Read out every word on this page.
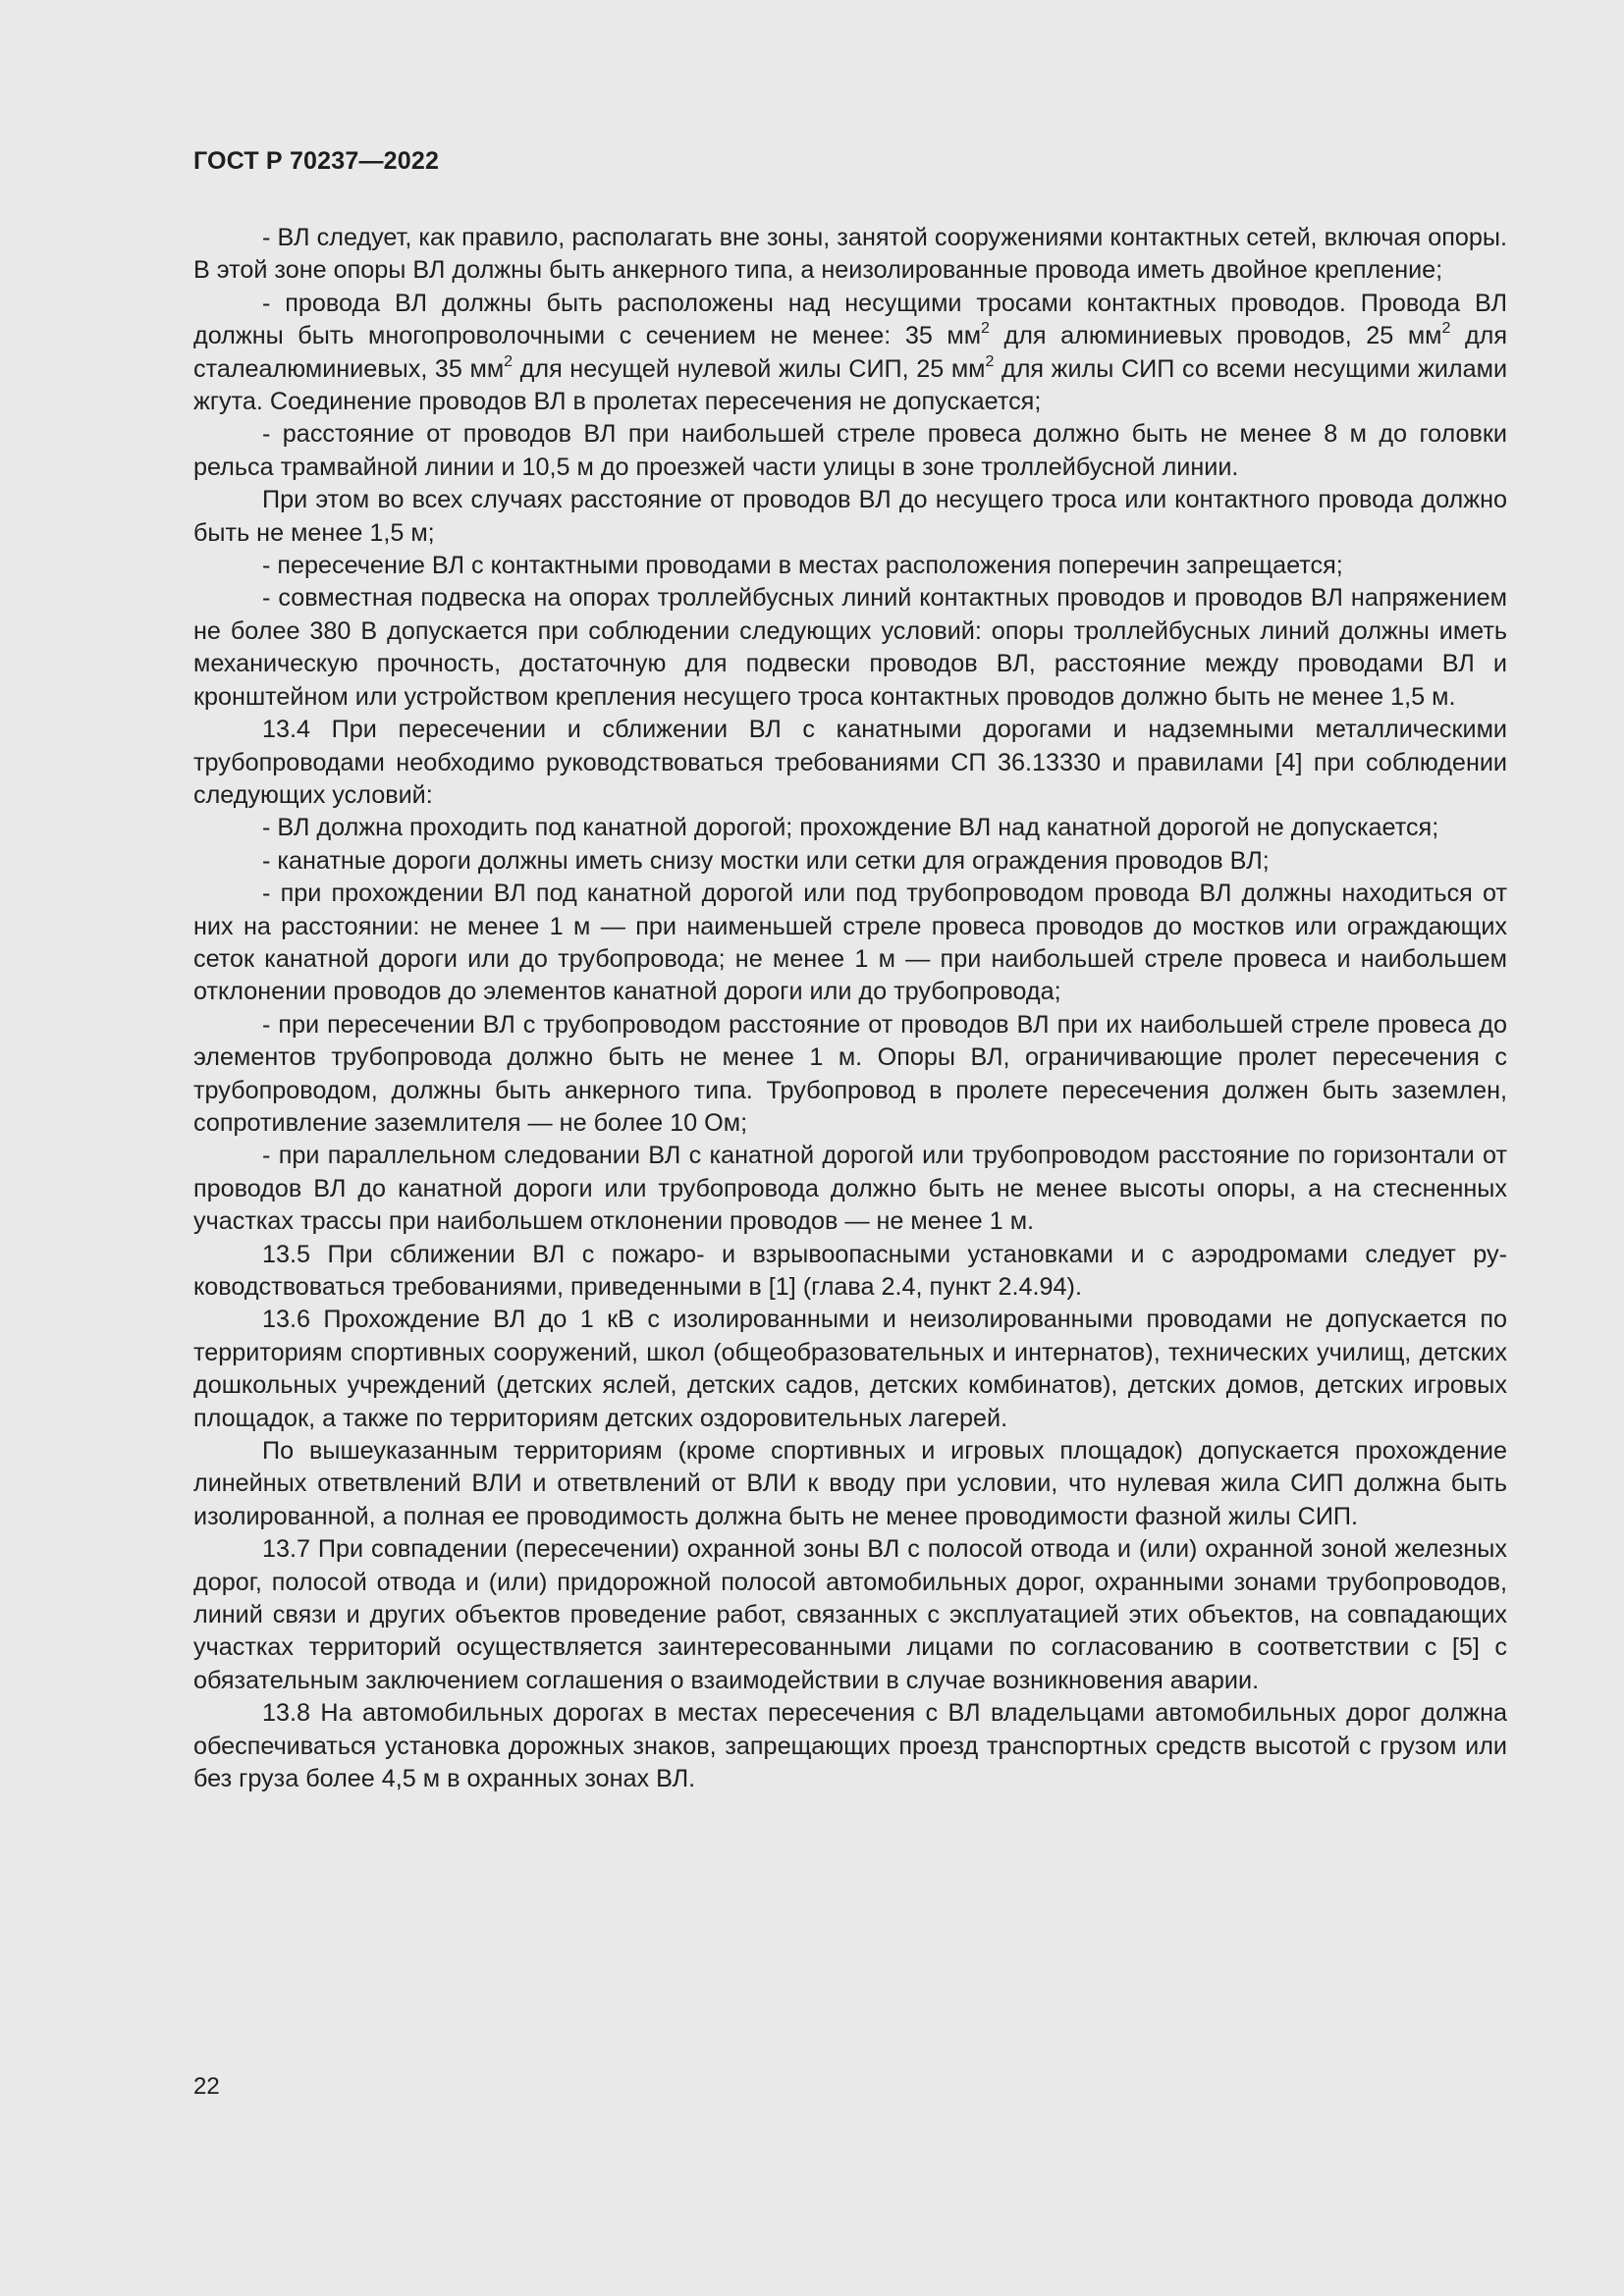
ГОСТ Р 70237—2022

- ВЛ следует, как правило, располагать вне зоны, занятой сооружениями контактных сетей, включая опоры. В этой зоне опоры ВЛ должны быть анкерного типа, а неизолированные провода иметь двойное крепление;

- провода ВЛ должны быть расположены над несущими тросами контактных проводов. Провода ВЛ должны быть многопроволочными с сечением не менее: 35 $мм^2$ для алюминиевых проводов, 25 $мм^2$ для сталеалюминиевых, 35 $мм^2$ для несущей нулевой жилы СИП, 25 $мм^2$ для жилы СИП со всеми несущими жилами жгута. Соединение проводов ВЛ в пролетах пересечения не допускается;

- расстояние от проводов ВЛ при наибольшей стреле провеса должно быть не менее 8 м до головки рельса трамвайной линии и 10,5 м до проезжей части улицы в зоне троллейбусной линии.

При этом во всех случаях расстояние от проводов ВЛ до несущего троса или контактного провода должно быть не менее 1,5 м;

- пересечение ВЛ с контактными проводами в местах расположения поперечин запрещается;

- совместная подвеска на опорах троллейбусных линий контактных проводов и проводов ВЛ напряжением не более 380 В допускается при соблюдении следующих условий: опоры троллейбусных линий должны иметь механическую прочность, достаточную для подвески проводов ВЛ, расстояние между проводами ВЛ и кронштейном или устройством крепления несущего троса контактных проводов должно быть не менее 1,5 м.

13.4 При пересечении и сближении ВЛ с канатными дорогами и надземными металлическими трубопроводами необходимо руководствоваться требованиями СП 36.13330 и правилами [4] при соблюдении следующих условий:

- ВЛ должна проходить под канатной дорогой; прохождение ВЛ над канатной дорогой не допускается;

- канатные дороги должны иметь снизу мостки или сетки для ограждения проводов ВЛ;

- при прохождении ВЛ под канатной дорогой или под трубопроводом провода ВЛ должны находиться от них на расстоянии: не менее 1 м — при наименьшей стреле провеса проводов до мостков или ограждающих сеток канатной дороги или до трубопровода; не менее 1 м — при наибольшей стреле провеса и наибольшем отклонении проводов до элементов канатной дороги или до трубопровода;

- при пересечении ВЛ с трубопроводом расстояние от проводов ВЛ при их наибольшей стреле провеса до элементов трубопровода должно быть не менее 1 м. Опоры ВЛ, ограничивающие пролет пересечения с трубопроводом, должны быть анкерного типа. Трубопровод в пролете пересечения должен быть заземлен, сопротивление заземлителя — не более 10 Ом;

- при параллельном следовании ВЛ с канатной дорогой или трубопроводом расстояние по горизонтали от проводов ВЛ до канатной дороги или трубопровода должно быть не менее высоты опоры, а на стесненных участках трассы при наибольшем отклонении проводов — не менее 1 м.

13.5 При сближении ВЛ с пожаро- и взрывоопасными установками и с аэродромами следует руководствоваться требованиями, приведенными в [1] (глава 2.4, пункт 2.4.94).

13.6 Прохождение ВЛ до 1 кВ с изолированными и неизолированными проводами не допускается по территориям спортивных сооружений, школ (общеобразовательных и интернатов), технических училищ, детских дошкольных учреждений (детских яслей, детских садов, детских комбинатов), детских домов, детских игровых площадок, а также по территориям детских оздоровительных лагерей.

По вышеуказанным территориям (кроме спортивных и игровых площадок) допускается прохождение линейных ответвлений ВЛИ и ответвлений от ВЛИ к вводу при условии, что нулевая жила СИП должна быть изолированной, а полная ее проводимость должна быть не менее проводимости фазной жилы СИП.

13.7 При совпадении (пересечении) охранной зоны ВЛ с полосой отвода и (или) охранной зоной железных дорог, полосой отвода и (или) придорожной полосой автомобильных дорог, охранными зонами трубопроводов, линий связи и других объектов проведение работ, связанных с эксплуатацией этих объектов, на совпадающих участках территорий осуществляется заинтересованными лицами по согласованию в соответствии с [5] с обязательным заключением соглашения о взаимодействии в случае возникновения аварии.

13.8 На автомобильных дорогах в местах пересечения с ВЛ владельцами автомобильных дорог должна обеспечиваться установка дорожных знаков, запрещающих проезд транспортных средств высотой с грузом или без груза более 4,5 м в охранных зонах ВЛ.

22
